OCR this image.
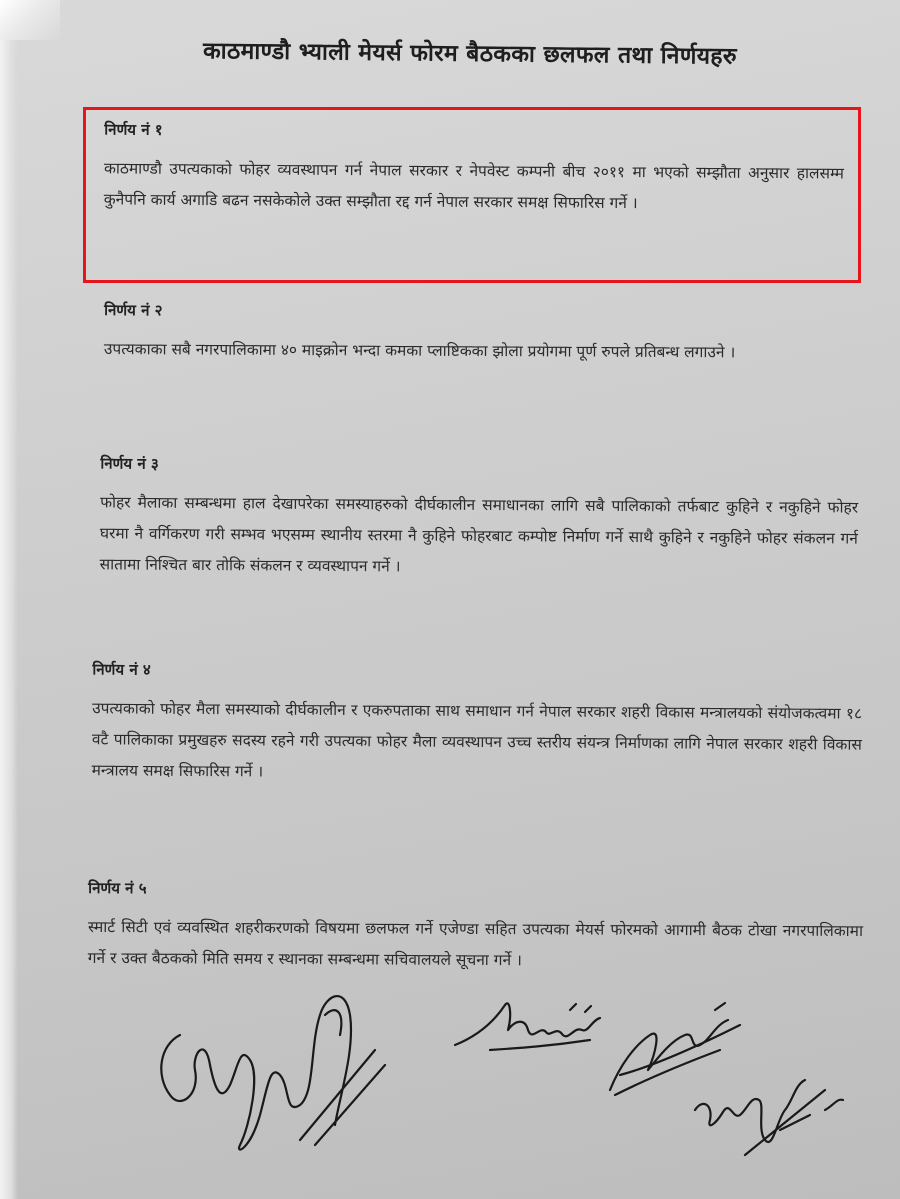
काठमाण्डौ भ्याली मेयर्स फोरम बैठकका छलफल तथा निर्णयहरु
निर्णय नं १
काठमाण्डौ उपत्यकाको फोहर व्यवस्थापन गर्न नेपाल सरकार र नेपवेस्ट कम्पनी बीच २०११ मा भएको सम्झौता अनुसार हालसम्म कुनैपनि कार्य अगाडि बढन नसकेकोले उक्त सम्झौता रद्द गर्न नेपाल सरकार समक्ष सिफारिस गर्ने ।
निर्णय नं २
उपत्यकाका सबै नगरपालिकामा ४० माइक्रोन भन्दा कमका प्लाष्टिकका झोला प्रयोगमा पूर्ण रुपले प्रतिबन्ध लगाउने ।
निर्णय नं ३
फोहर मैलाका सम्बन्धमा हाल देखापरेका समस्याहरुको दीर्घकालीन समाधानका लागि सबै पालिकाको तर्फबाट कुहिने र नकुहिने फोहर घरमा नै वर्गिकरण गरी सम्भव भएसम्म स्थानीय स्तरमा नै कुहिने फोहरबाट कम्पोष्ट निर्माण गर्ने साथै कुहिने र नकुहिने फोहर संकलन गर्न सातामा निश्चित बार तोकि संकलन र व्यवस्थापन गर्ने ।
निर्णय नं ४
उपत्यकाको फोहर मैला समस्याको दीर्घकालीन र एकरुपताका साथ समाधान गर्न नेपाल सरकार शहरी विकास मन्त्रालयको संयोजकत्वमा १८ वटै पालिकाका प्रमुखहरु सदस्य रहने गरी उपत्यका फोहर मैला व्यवस्थापन उच्च स्तरीय संयन्त्र निर्माणका लागि नेपाल सरकार शहरी विकास मन्त्रालय समक्ष सिफारिस गर्ने ।
निर्णय नं ५
स्मार्ट सिटी एवं व्यवस्थित शहरीकरणको विषयमा छलफल गर्ने एजेण्डा सहित उपत्यका मेयर्स फोरमको आगामी बैठक टोखा नगरपालिकामा गर्ने र उक्त बैठकको मिति समय र स्थानका सम्बन्धमा सचिवालयले सूचना गर्ने ।
